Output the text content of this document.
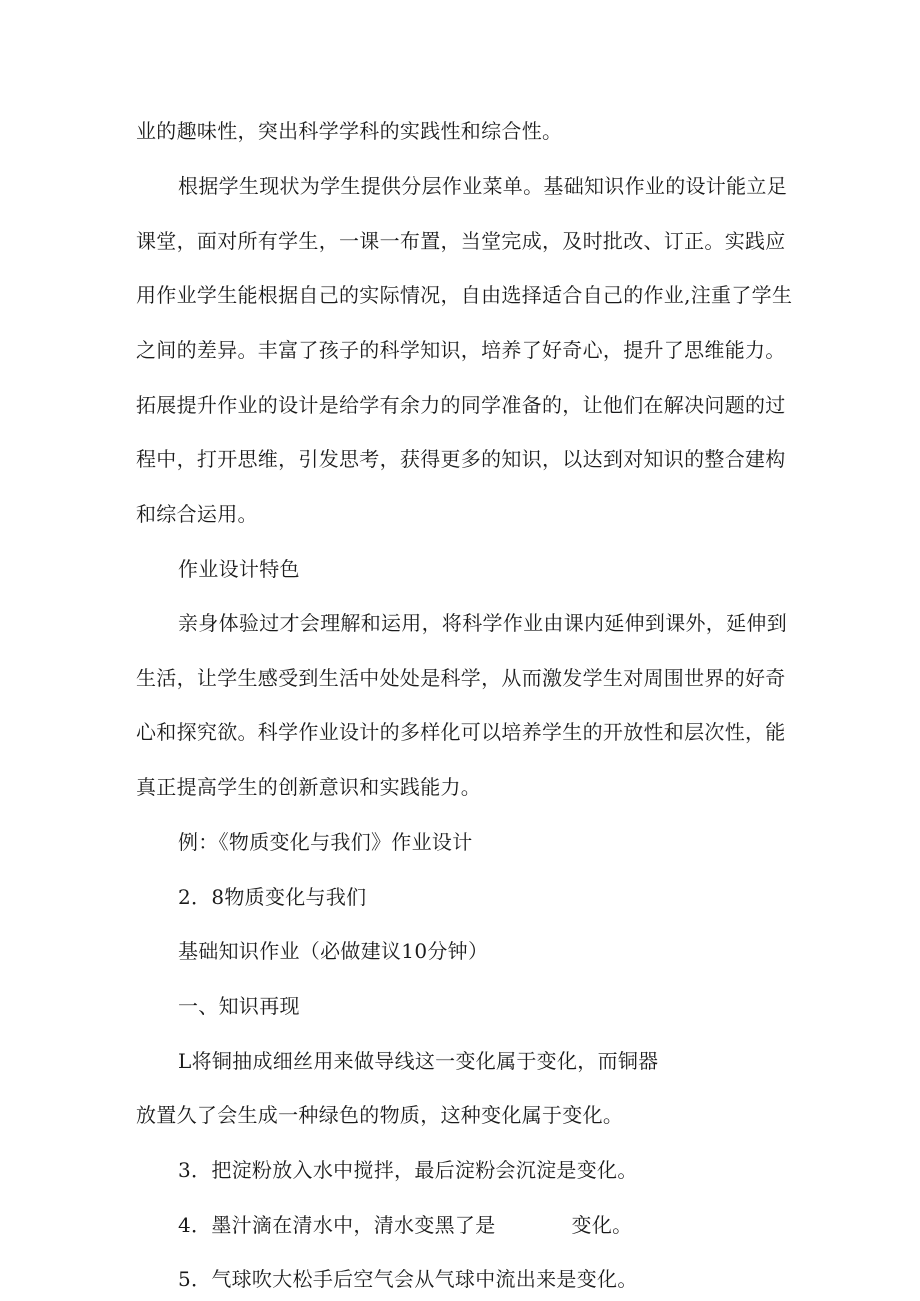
业的趣味性，突出科学学科的实践性和综合性。
根据学生现状为学生提供分层作业菜单。基础知识作业的设计能立足
课堂，面对所有学生，一课一布置，当堂完成，及时批改、订正。实践应
用作业学生能根据自己的实际情况，自由选择适合自己的作业,注重了学生
之间的差异。丰富了孩子的科学知识，培养了好奇心，提升了思维能力。
拓展提升作业的设计是给学有余力的同学准备的，让他们在解决问题的过
程中，打开思维，引发思考，获得更多的知识，以达到对知识的整合建构
和综合运用。
作业设计特色
亲身体验过才会理解和运用，将科学作业由课内延伸到课外，延伸到
生活，让学生感受到生活中处处是科学，从而激发学生对周围世界的好奇
心和探究欲。科学作业设计的多样化可以培养学生的开放性和层次性，能
真正提高学生的创新意识和实践能力。
例：《物质变化与我们》作业设计
2．8物质变化与我们
基础知识作业（必做建议10分钟）
一、知识再现
L将铜抽成细丝用来做导线这一变化属于变化，而铜器
放置久了会生成一种绿色的物质，这种变化属于变化。
3．把淀粉放入水中搅拌，最后淀粉会沉淀是变化。
4．墨汁滴在清水中，清水变黑了是	变化。
5．气球吹大松手后空气会从气球中流出来是变化。
